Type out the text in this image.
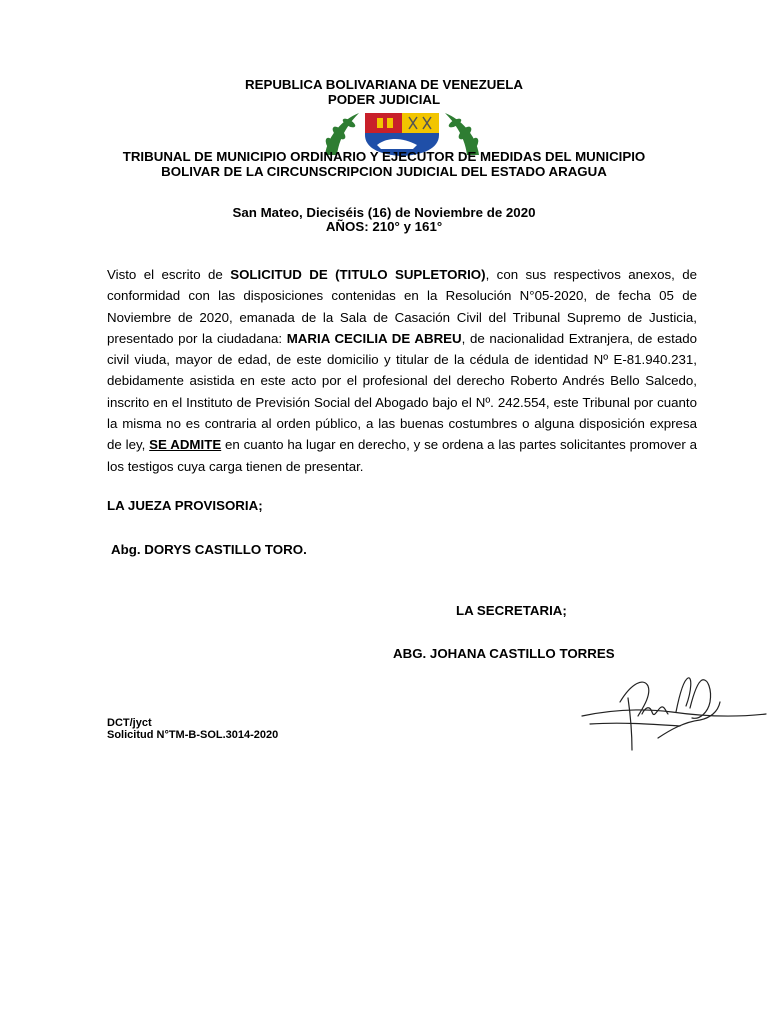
REPUBLICA BOLIVARIANA DE VENEZUELA
PODER JUDICIAL
TRIBUNAL DE MUNICIPIO ORDINARIO Y EJECUTOR DE MEDIDAS DEL MUNICIPIO BOLIVAR DE LA CIRCUNSCRIPCION JUDICIAL DEL ESTADO ARAGUA
San Mateo, Dieciséis (16) de Noviembre de 2020
AÑOS: 210° y 161°
Visto el escrito de SOLICITUD DE (TITULO SUPLETORIO), con sus respectivos anexos, de conformidad con las disposiciones contenidas en la Resolución N°05-2020, de fecha 05 de Noviembre de 2020, emanada de la Sala de Casación Civil del Tribunal Supremo de Justicia, presentado por la ciudadana: MARIA CECILIA DE ABREU, de nacionalidad Extranjera, de estado civil viuda, mayor de edad, de este domicilio y titular de la cédula de identidad Nº E-81.940.231, debidamente asistida en este acto por el profesional del derecho Roberto Andrés Bello Salcedo, inscrito en el Instituto de Previsión Social del Abogado bajo el Nº. 242.554, este Tribunal por cuanto la misma no es contraria al orden público, a las buenas costumbres o alguna disposición expresa de ley, SE ADMITE en cuanto ha lugar en derecho, y se ordena a las partes solicitantes promover a los testigos cuya carga tienen de presentar.
LA JUEZA PROVISORIA;
Abg. DORYS CASTILLO TORO.
LA SECRETARIA;
ABG. JOHANA CASTILLO TORRES
DCT/jyct
Solicitud N°TM-B-SOL.3014-2020
